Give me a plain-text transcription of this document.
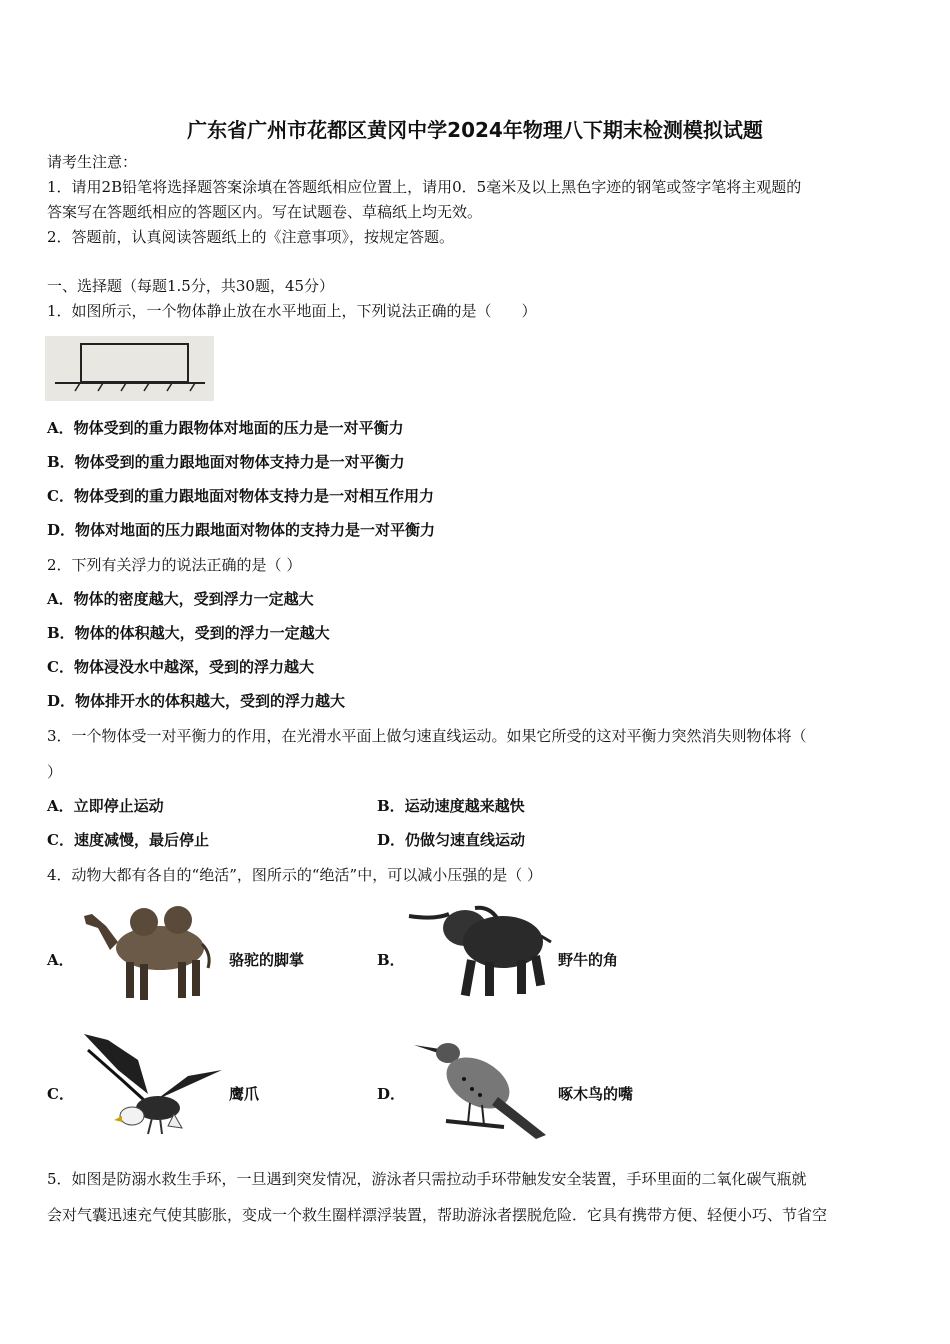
广东省广州市花都区黄冈中学2024年物理八下期末检测模拟试题
请考生注意：
1．请用2B铅笔将选择题答案涂填在答题纸相应位置上，请用0．5毫米及以上黑色字迹的钢笔或签字笔将主观题的
答案写在答题纸相应的答题区内。写在试题卷、草稿纸上均无效。
2．答题前，认真阅读答题纸上的《注意事项》，按规定答题。
一、选择题（每题1.5分，共30题，45分）
1．如图所示，一个物体静止放在水平地面上，下列说法正确的是（　　）
A．物体受到的重力跟物体对地面的压力是一对平衡力
B．物体受到的重力跟地面对物体支持力是一对平衡力
C．物体受到的重力跟地面对物体支持力是一对相互作用力
D．物体对地面的压力跟地面对物体的支持力是一对平衡力
2．下列有关浮力的说法正确的是（ ）
A．物体的密度越大，受到浮力一定越大
B．物体的体积越大，受到的浮力一定越大
C．物体浸没水中越深，受到的浮力越大
D．物体排开水的体积越大，受到的浮力越大
3．一个物体受一对平衡力的作用，在光滑水平面上做匀速直线运动。如果它所受的这对平衡力突然消失则物体将（
）
A．立即停止运动	B．运动速度越来越快
C．速度减慢，最后停止	D．仍做匀速直线运动
4．动物大都有各自的“绝活”，图所示的“绝活”中，可以减小压强的是（ ）
A．	骆驼的脚掌	B．	野牛的角
C．	鹰爪	D．	啄木鸟的嘴
5．如图是防溺水救生手环，一旦遇到突发情况，游泳者只需拉动手环带触发安全装置，手环里面的二氧化碳气瓶就
会对气囊迅速充气使其膨胀，变成一个救生圈样漂浮装置，帮助游泳者摆脱危险．它具有携带方便、轻便小巧、节省空
